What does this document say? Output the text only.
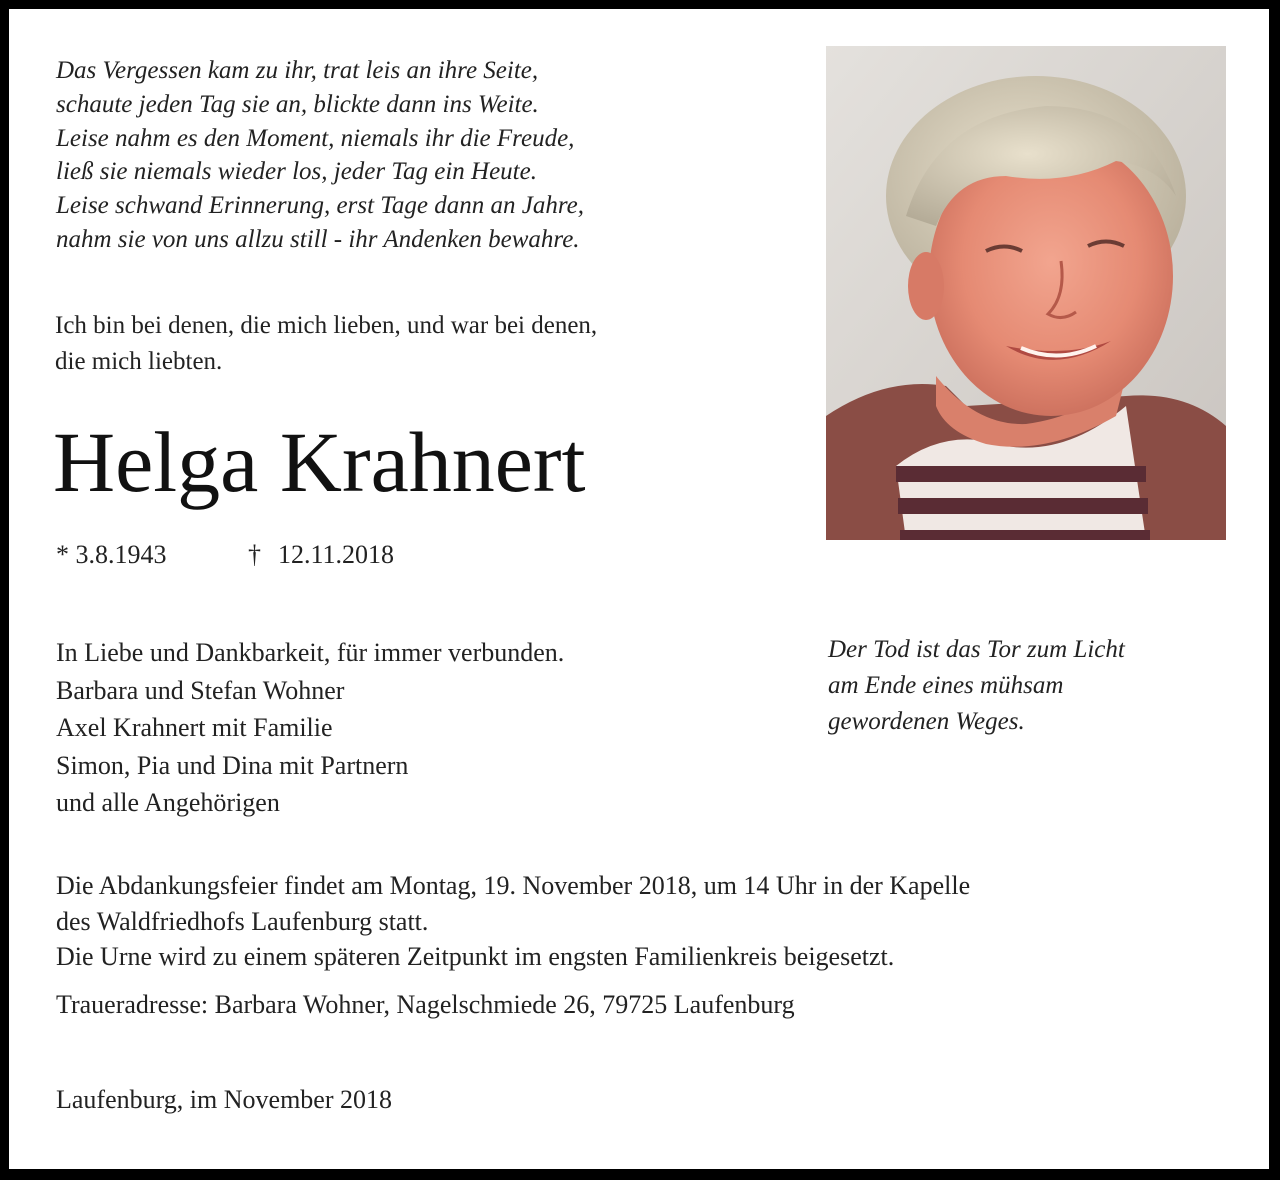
Das Vergessen kam zu ihr, trat leis an ihre Seite,
schaute jeden Tag sie an, blickte dann ins Weite.
Leise nahm es den Moment, niemals ihr die Freude,
ließ sie niemals wieder los, jeder Tag ein Heute.
Leise schwand Erinnerung, erst Tage dann an Jahre,
nahm sie von uns allzu still - ihr Andenken bewahre.
Ich bin bei denen, die mich lieben, und war bei denen,
die mich liebten.
Helga Krahnert
* 3.8.1943	† 12.11.2018
In Liebe und Dankbarkeit, für immer verbunden.
Barbara und Stefan Wohner
Axel Krahnert mit Familie
Simon, Pia und Dina mit Partnern
und alle Angehörigen
Der Tod ist das Tor zum Licht
am Ende eines mühsam
gewordenen Weges.
Die Abdankungsfeier findet am Montag, 19. November 2018, um 14 Uhr in der Kapelle
des Waldfriedhofs Laufenburg statt.
Die Urne wird zu einem späteren Zeitpunkt im engsten Familienkreis beigesetzt.
Traueradresse: Barbara Wohner, Nagelschmiede 26, 79725 Laufenburg
Laufenburg, im November 2018
